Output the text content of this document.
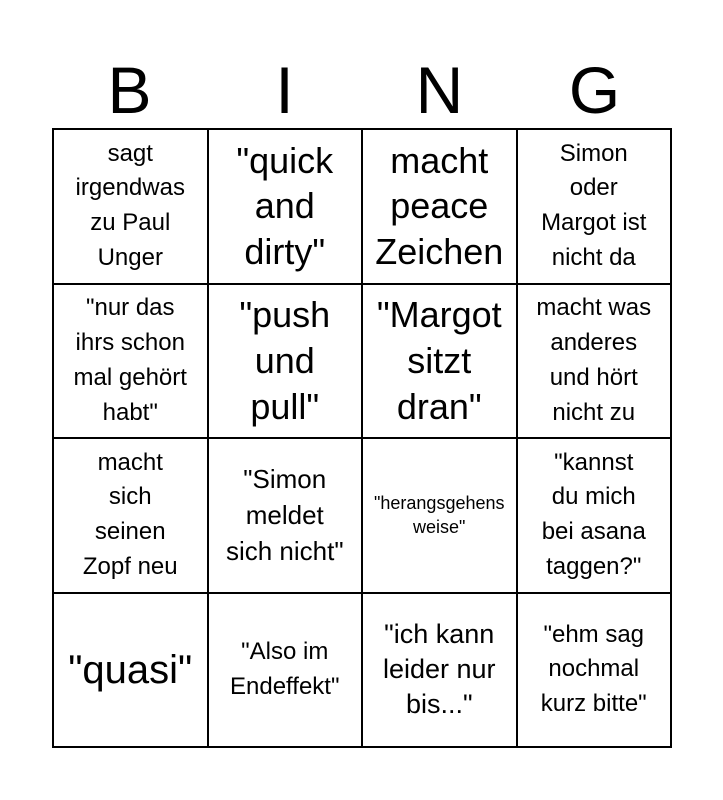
B	I	N	G
sagt
irgendwas
zu Paul
Unger
"quick
and
dirty"
macht
peace
Zeichen
Simon
oder
Margot ist
nicht da
"nur das
ihrs schon
mal gehört
habt"
"push
und
pull"
"Margot
sitzt
dran"
macht was
anderes
und hört
nicht zu
macht
sich
seinen
Zopf neu
"Simon
meldet
sich nicht"
"herangsgehens
weise"
"kannst
du mich
bei asana
taggen?"
"quasi"	"Also im
Endeffekt"
"ich kann
leider nur
bis..."
"ehm sag
nochmal
kurz bitte"
